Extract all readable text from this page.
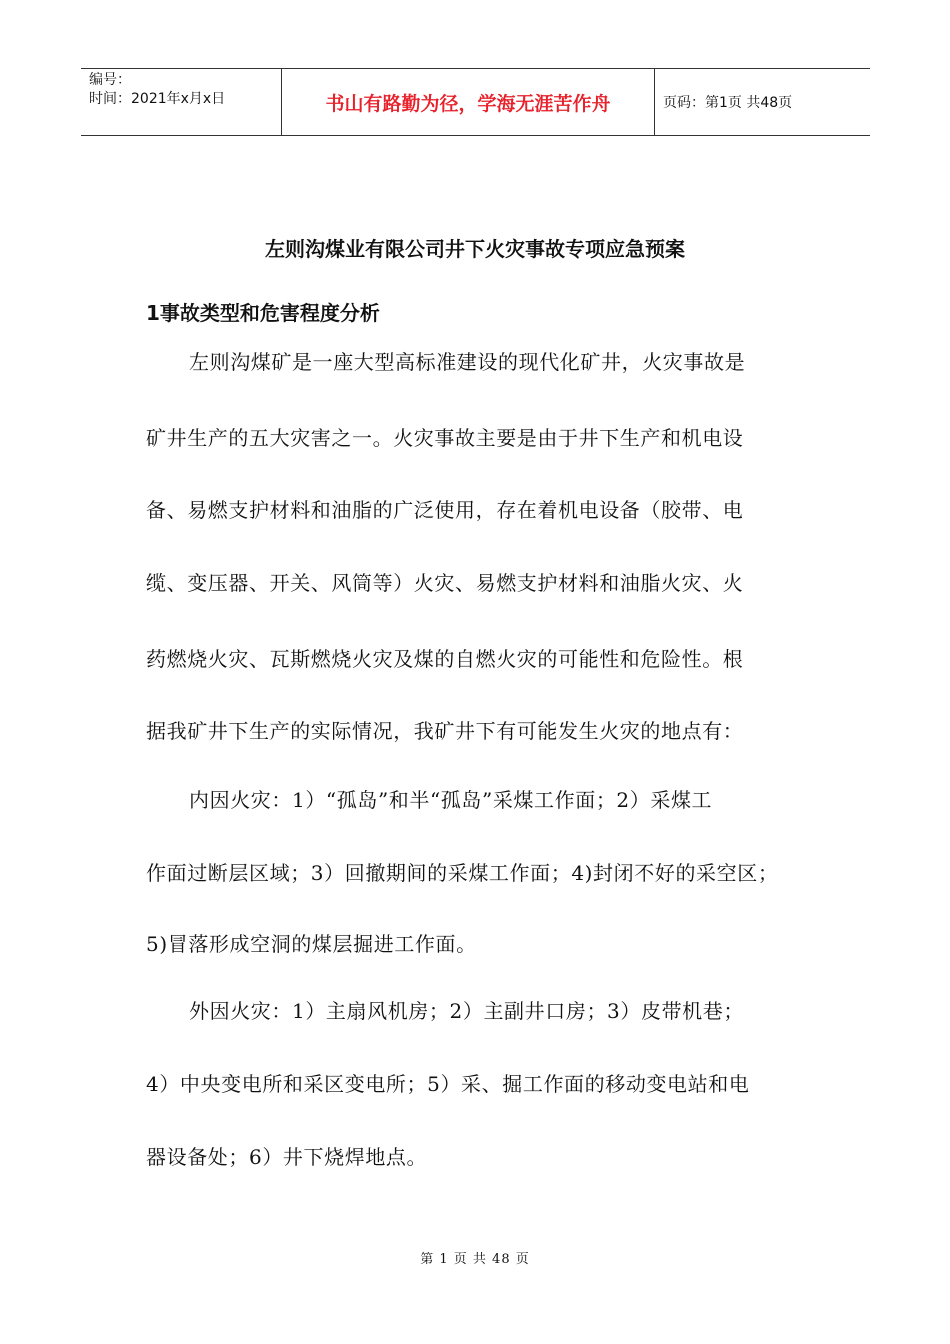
编号：
时间：2021年x月x日	书山有路勤为径，学海无涯苦作舟	页码：第1页 共48页
左则沟煤业有限公司井下火灾事故专项应急预案
1事故类型和危害程度分析
左则沟煤矿是一座大型高标准建设的现代化矿井，火灾事故是
矿井生产的五大灾害之一。火灾事故主要是由于井下生产和机电设
备、易燃支护材料和油脂的广泛使用，存在着机电设备（胶带、电
缆、变压器、开关、风筒等）火灾、易燃支护材料和油脂火灾、火
药燃烧火灾、瓦斯燃烧火灾及煤的自燃火灾的可能性和危险性。根
据我矿井下生产的实际情况，我矿井下有可能发生火灾的地点有：
内因火灾：1）“孤岛”和半“孤岛”采煤工作面；2）采煤工
作面过断层区域；3）回撤期间的采煤工作面；4)封闭不好的采空区；
5)冒落形成空洞的煤层掘进工作面。
外因火灾：1）主扇风机房；2）主副井口房；3）皮带机巷；
4）中央变电所和采区变电所；5）采、掘工作面的移动变电站和电
器设备处；6）井下烧焊地点。
第 1 页 共 48 页
